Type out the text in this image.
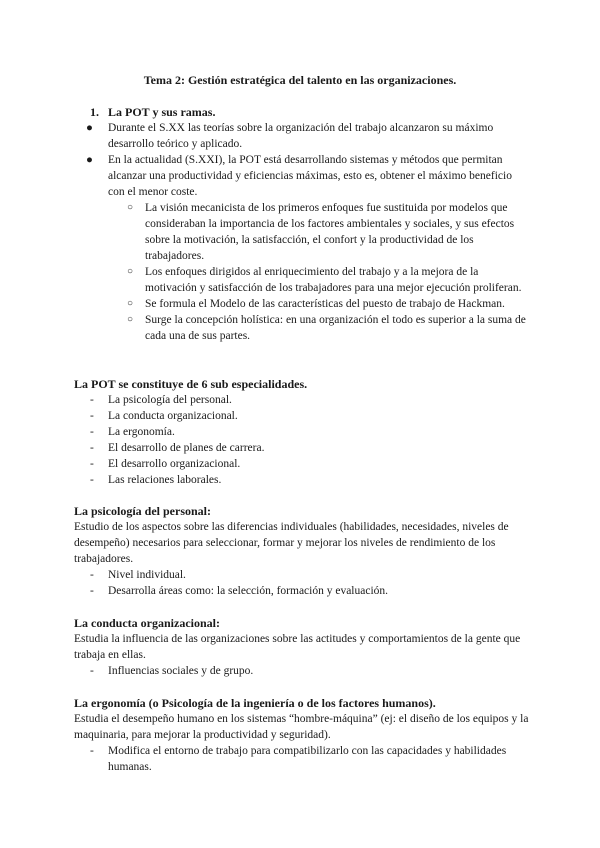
Tema 2: Gestión estratégica del talento en las organizaciones.

1. La POT y sus ramas.

● Durante el S.XX las teorías sobre la organización del trabajo alcanzaron su máximo desarrollo teórico y aplicado.
● En la actualidad (S.XXI), la POT está desarrollando sistemas y métodos que permitan alcanzar una productividad y eficiencias máximas, esto es, obtener el máximo beneficio con el menor coste.
○ La visión mecanicista de los primeros enfoques fue sustituida por modelos que consideraban la importancia de los factores ambientales y sociales, y sus efectos sobre la motivación, la satisfacción, el confort y la productividad de los trabajadores.
○ Los enfoques dirigidos al enriquecimiento del trabajo y a la mejora de la motivación y satisfacción de los trabajadores para una mejor ejecución proliferan.
○ Se formula el Modelo de las características del puesto de trabajo de Hackman.
○ Surge la concepción holística: en una organización el todo es superior a la suma de cada una de sus partes.

La POT se constituye de 6 sub especialidades.

- La psicología del personal.
- La conducta organizacional.
- La ergonomía.
- El desarrollo de planes de carrera.
- El desarrollo organizacional.
- Las relaciones laborales.

La psicología del personal:

Estudio de los aspectos sobre las diferencias individuales (habilidades, necesidades, niveles de desempeño) necesarios para seleccionar, formar y mejorar los niveles de rendimiento de los trabajadores.

- Nivel individual.
- Desarrolla áreas como: la selección, formación y evaluación.

La conducta organizacional:

Estudia la influencia de las organizaciones sobre las actitudes y comportamientos de la gente que trabaja en ellas.

- Influencias sociales y de grupo.

La ergonomía (o Psicología de la ingeniería o de los factores humanos).

Estudia el desempeño humano en los sistemas “hombre-máquina” (ej: el diseño de los equipos y la maquinaria, para mejorar la productividad y seguridad).

- Modifica el entorno de trabajo para compatibilizarlo con las capacidades y habilidades humanas.
